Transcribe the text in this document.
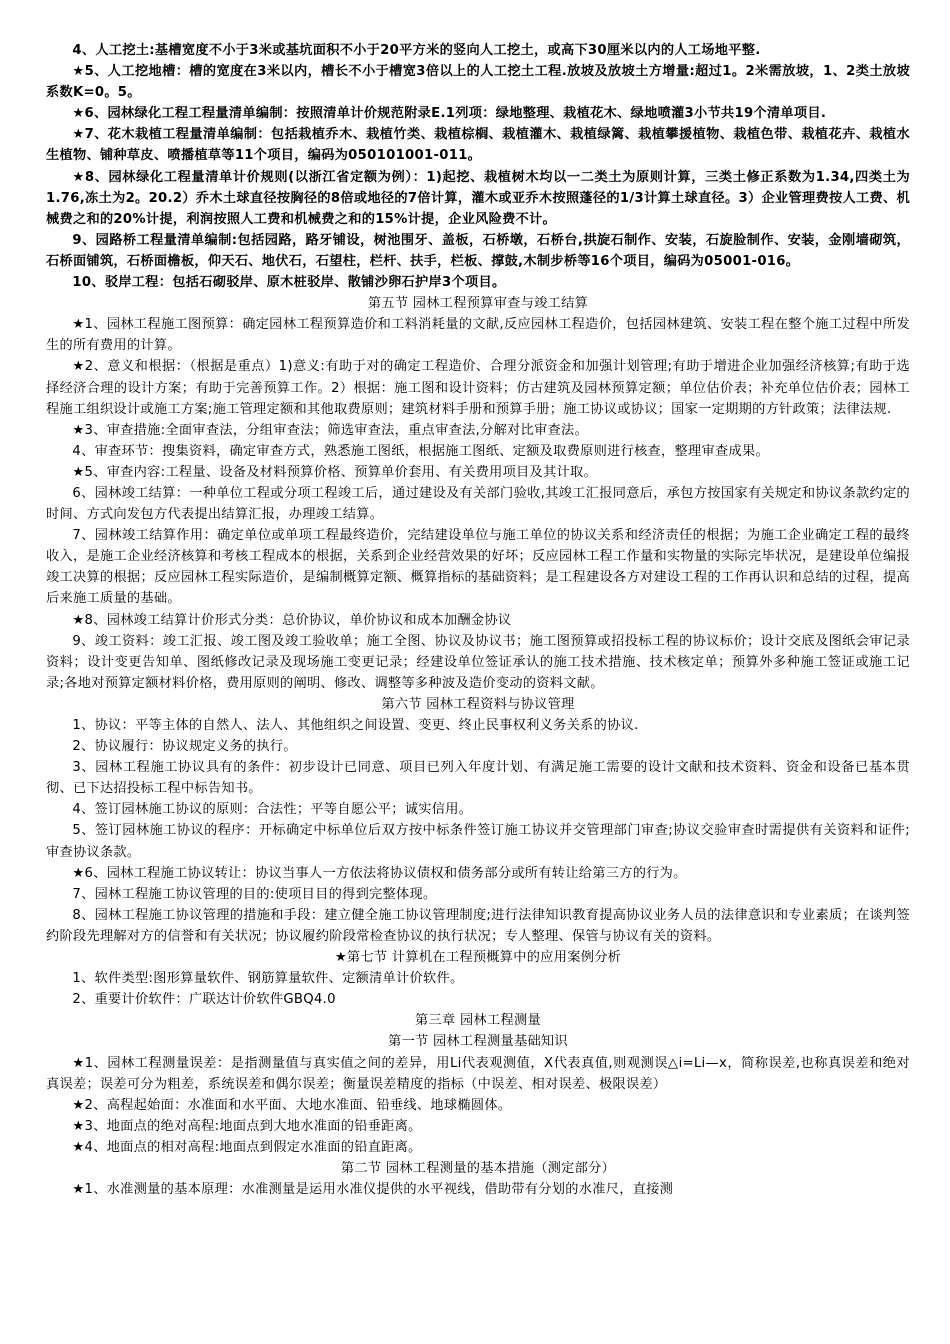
4、人工挖土:基槽宽度不小于3米或基坑面积不小于20平方米的竖向人工挖土，或高下30厘米以内的人工场地平整.

★5、人工挖地槽：槽的宽度在3米以内，槽长不小于槽宽3倍以上的人工挖土工程.放坡及放坡土方增量:超过1。2米需放坡，1、2类土放坡系数K=0。5。

★6、园林绿化工程工程量清单编制：按照清单计价规范附录E.1列项：绿地整理、栽植花木、绿地喷灌3小节共19个清单项目.

★7、花木栽植工程量清单编制：包括栽植乔木、栽植竹类、栽植棕榈、栽植灌木、栽植绿篱、栽植攀援植物、栽植色带、栽植花卉、栽植水生植物、铺种草皮、喷播植草等11个项目，编码为050101001-011。

★8、园林绿化工程量清单计价规则(以浙江省定额为例）：1)起挖、栽植树木均以一二类土为原则计算，三类土修正系数为1.34,四类土为1.76,冻土为2。20.2）乔木土球直径按胸径的8倍或地径的7倍计算，灌木或亚乔木按照蓬径的1/3计算土球直径。3）企业管理费按人工费、机械费之和的20%计提，利润按照人工费和机械费之和的15%计提，企业风险费不计。

9、园路桥工程量清单编制:包括园路，路牙铺设，树池围牙、盖板，石桥墩，石桥台,拱旋石制作、安装，石旋脸制作、安装，金刚墙砌筑，石桥面铺筑，石桥面檐板，仰天石、地伏石，石望柱，栏杆、扶手，栏板、撑鼓,木制步桥等16个项目，编码为05001-016。

10、驳岸工程：包括石砌驳岸、原木桩驳岸、散铺沙卵石护岸3个项目。

第五节 园林工程预算审查与竣工结算

★1、园林工程施工图预算：确定园林工程预算造价和工料消耗量的文献,反应园林工程造价，包括园林建筑、安装工程在整个施工过程中所发生的所有费用的计算。

★2、意义和根据：（根据是重点）1)意义:有助于对的确定工程造价、合理分派资金和加强计划管理;有助于增进企业加强经济核算;有助于选择经济合理的设计方案；有助于完善预算工作。2）根据：施工图和设计资料；仿古建筑及园林预算定额；单位估价表；补充单位估价表；园林工程施工组织设计或施工方案;施工管理定额和其他取费原则；建筑材料手册和预算手册；施工协议或协议；国家一定期期的方针政策；法律法规.

★3、审查措施:全面审查法，分组审查法；筛选审查法，重点审查法,分解对比审查法。

4、审查环节：搜集资料，确定审查方式，熟悉施工图纸，根据施工图纸、定额及取费原则进行核查，整理审查成果。

★5、审查内容:工程量、设备及材料预算价格、预算单价套用、有关费用项目及其计取。

6、园林竣工结算：一种单位工程或分项工程竣工后，通过建设及有关部门验收,其竣工汇报同意后，承包方按国家有关规定和协议条款约定的时间、方式向发包方代表提出结算汇报，办理竣工结算。

7、园林竣工结算作用：确定单位或单项工程最终造价，完结建设单位与施工单位的协议关系和经济责任的根据；为施工企业确定工程的最终收入，是施工企业经济核算和考核工程成本的根据，关系到企业经营效果的好坏；反应园林工程工作量和实物量的实际完毕状况，是建设单位编报竣工决算的根据；反应园林工程实际造价，是编制概算定额、概算指标的基础资料；是工程建设各方对建设工程的工作再认识和总结的过程，提高后来施工质量的基础。

★8、园林竣工结算计价形式分类：总价协议，单价协议和成本加酬金协议

9、竣工资料：竣工汇报、竣工图及竣工验收单；施工全图、协议及协议书；施工图预算或招投标工程的协议标价；设计交底及图纸会审记录资料；设计变更告知单、图纸修改记录及现场施工变更记录；经建设单位签证承认的施工技术措施、技术核定单；预算外多种施工签证或施工记录;各地对预算定额材料价格，费用原则的阐明、修改、调整等多种波及造价变动的资料文献。

第六节 园林工程资料与协议管理

1、协议：平等主体的自然人、法人、其他组织之间设置、变更、终止民事权利义务关系的协议.

2、协议履行：协议规定义务的执行。

3、园林工程施工协议具有的条件：初步设计已同意、项目已列入年度计划、有满足施工需要的设计文献和技术资料、资金和设备已基本贯彻、已下达招投标工程中标告知书。

4、签订园林施工协议的原则：合法性；平等自愿公平；诚实信用。

5、签订园林施工协议的程序：开标确定中标单位后双方按中标条件签订施工协议并交管理部门审查;协议交验审查时需提供有关资料和证件;审查协议条款。

★6、园林工程施工协议转让：协议当事人一方依法将协议债权和债务部分或所有转让给第三方的行为。

7、园林工程施工协议管理的目的:使项目目的得到完整体现。

8、园林工程施工协议管理的措施和手段：建立健全施工协议管理制度;进行法律知识教育提高协议业务人员的法律意识和专业素质；在谈判签约阶段先理解对方的信誉和有关状况；协议履约阶段常检查协议的执行状况；专人整理、保管与协议有关的资料。

★第七节 计算机在工程预概算中的应用案例分析

1、软件类型:图形算量软件、钢筋算量软件、定额清单计价软件。

2、重要计价软件：广联达计价软件GBQ4.0

第三章 园林工程测量

第一节 园林工程测量基础知识

★1、园林工程测量误差：是指测量值与真实值之间的差异，用Li代表观测值，X代表真值,则观测误△i=Li—x，简称误差,也称真误差和绝对真误差；误差可分为粗差，系统误差和偶尔误差；衡量误差精度的指标（中误差、相对误差、极限误差）

★2、高程起始面：水准面和水平面、大地水准面、铅垂线、地球椭圆体。

★3、地面点的绝对高程:地面点到大地水准面的铅垂距离。

★4、地面点的相对高程:地面点到假定水准面的铅直距离。

第二节 园林工程测量的基本措施（测定部分）

★1、水准测量的基本原理：水准测量是运用水准仪提供的水平视线，借助带有分划的水准尺，直接测
